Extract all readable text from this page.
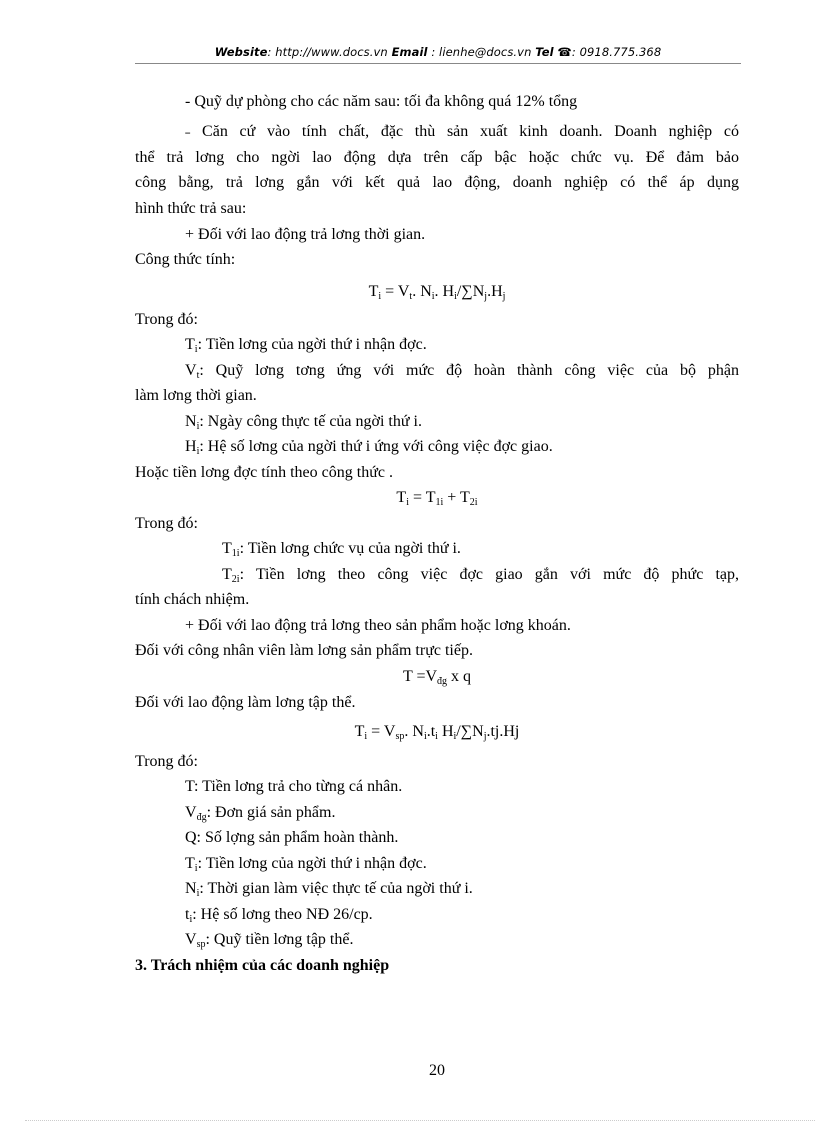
Website: http://www.docs.vn Email : lienhe@docs.vn Tel ☎: 0918.775.368
- Quỹ dự phòng cho các năm sau: tối đa không quá 12% tổng
˗ Căn cứ vào tính chất, đặc thù sản xuất kinh doanh. Doanh nghiệp có
thể trả lơng cho ngời lao động dựa trên cấp bậc hoặc chức vụ. Để đảm bảo
công bằng, trả lơng gắn với kết quả lao động, doanh nghiệp có thể áp dụng
hình thức trả sau:
+ Đối với lao động trả lơng thời gian.
Công thức tính:
$T_i = V_t$. $N_i$. $H_i/\sum N_j.H_j$
Trong đó:
$T_i$: Tiền lơng của ngời thứ i nhận đợc.
$V_t$: Quỹ lơng tơng ứng với mức độ hoàn thành công việc của bộ phận
làm lơng thời gian.
$N_i$: Ngày công thực tế của ngời thứ i.
$H_i$: Hệ số lơng của ngời thứ i ứng với công việc đợc giao.
Hoặc tiền lơng đợc tính theo công thức .
$T_i = T_{1i} + T_{2i}$
Trong đó:
$T_{1i}$: Tiền lơng chức vụ của ngời thứ i.
$T_{2i}$: Tiền lơng theo công việc đợc giao gắn với mức độ phức tạp,
tính chách nhiệm.
+ Đối với lao động trả lơng theo sản phẩm hoặc lơng khoán.
Đối với công nhân viên làm lơng sản phẩm trực tiếp.
$T =V_{đg}$ x q
Đối với lao động làm lơng tập thể.
$T_i = V_{sp}$. $N_i.t_i$ $H_i/\sum N_j.tj.Hj$
Trong đó:
T: Tiền lơng trả cho từng cá nhân.
$V_{đg}$: Đơn giá sản phẩm.
Q: Số lợng sản phẩm hoàn thành.
$T_i$: Tiền lơng của ngời thứ i nhận đợc.
$N_i$: Thời gian làm việc thực tế của ngời thứ i.
$t_i$: Hệ số lơng theo NĐ 26/cp.
$V_{sp}$: Quỹ tiền lơng tập thể.
3. Trách nhiệm của các doanh nghiệp
20
